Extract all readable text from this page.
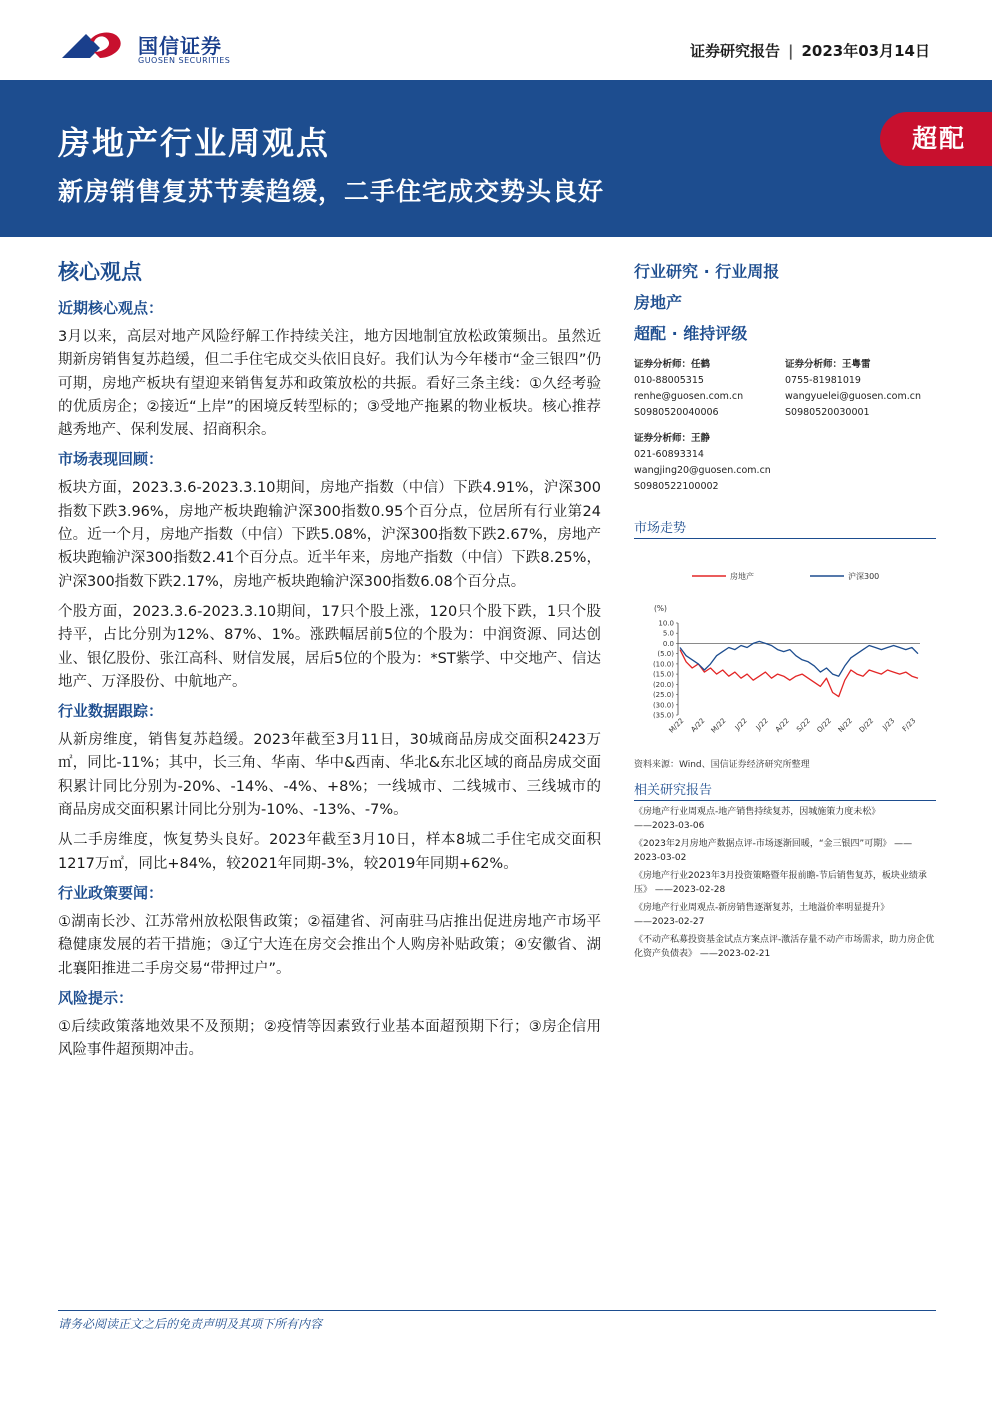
国信证券
GUOSEN SECURITIES
证券研究报告 | 2023年03月14日
房地产行业周观点
新房销售复苏节奏趋缓，二手住宅成交势头良好
超配
核心观点
近期核心观点：

3月以来，高层对地产风险纾解工作持续关注，地方因地制宜放松政策频出。虽然近期新房销售复苏趋缓，但二手住宅成交头依旧良好。我们认为今年楼市“金三银四”仍可期，房地产板块有望迎来销售复苏和政策放松的共振。看好三条主线：①久经考验的优质房企；②接近“上岸”的困境反转型标的；③受地产拖累的物业板块。核心推荐越秀地产、保利发展、招商积余。

市场表现回顾：

板块方面，2023.3.6-2023.3.10期间，房地产指数（中信）下跌4.91%，沪深300指数下跌3.96%，房地产板块跑输沪深300指数0.95个百分点，位居所有行业第24位。近一个月，房地产指数（中信）下跌5.08%，沪深300指数下跌2.67%，房地产板块跑输沪深300指数2.41个百分点。近半年来，房地产指数（中信）下跌8.25%，沪深300指数下跌2.17%，房地产板块跑输沪深300指数6.08个百分点。

个股方面，2023.3.6-2023.3.10期间，17只个股上涨，120只个股下跌，1只个股持平，占比分别为12%、87%、1%。涨跌幅居前5位的个股为：中润资源、同达创业、银亿股份、张江高科、财信发展，居后5位的个股为：*ST紫学、中交地产、信达地产、万泽股份、中航地产。

行业数据跟踪：

从新房维度，销售复苏趋缓。2023年截至3月11日，30城商品房成交面积2423万㎡，同比-11%；其中，长三角、华南、华中&西南、华北&东北区域的商品房成交面积累计同比分别为-20%、-14%、-4%、+8%；一线城市、二线城市、三线城市的商品房成交面积累计同比分别为-10%、-13%、-7%。

从二手房维度，恢复势头良好。2023年截至3月10日，样本8城二手住宅成交面积1217万㎡，同比+84%，较2021年同期-3%，较2019年同期+62%。

行业政策要闻：

①湖南长沙、江苏常州放松限售政策；②福建省、河南驻马店推出促进房地产市场平稳健康发展的若干措施；③辽宁大连在房交会推出个人购房补贴政策；④安徽省、湖北襄阳推进二手房交易“带押过户”。

风险提示：

①后续政策落地效果不及预期；②疫情等因素致行业基本面超预期下行；③房企信用风险事件超预期冲击。

行业研究 · 行业周报
房地产
超配 · 维持评级
证券分析师：任鹤
010-88005315
renhe@guosen.com.cn
S0980520040006
证券分析师：王粤雷
0755-81981019
wangyuelei@guosen.com.cn
S0980520030001
证券分析师：王静
021-60893314
wangjing20@guosen.com.cn
S0980522100002
市场走势
房地产	沪深300
(%)
10.0
5.0
0.0
(5.0)
(10.0)
(15.0)
(20.0)
(25.0)
(30.0)
(35.0)
M/22 A/22 M/22 J/22 J/22 A/22 S/22 O/22 N/22 D/22 J/23 F/23
资料来源：Wind、国信证券经济研究所整理
相关研究报告
《房地产行业周观点-地产销售持续复苏，因城施策力度未松》
——2023-03-06
《2023年2月房地产数据点评-市场逐渐回暖，“金三银四”可期》 ——2023-03-02
《房地产行业2023年3月投资策略暨年报前瞻-节后销售复苏，板块业绩承压》 ——2023-02-28
《房地产行业周观点-新房销售逐渐复苏，土地溢价率明显提升》
——2023-02-27
《不动产私募投资基金试点方案点评-激活存量不动产市场需求，助力房企优化资产负债表》 ——2023-02-21
请务必阅读正文之后的免责声明及其项下所有内容
